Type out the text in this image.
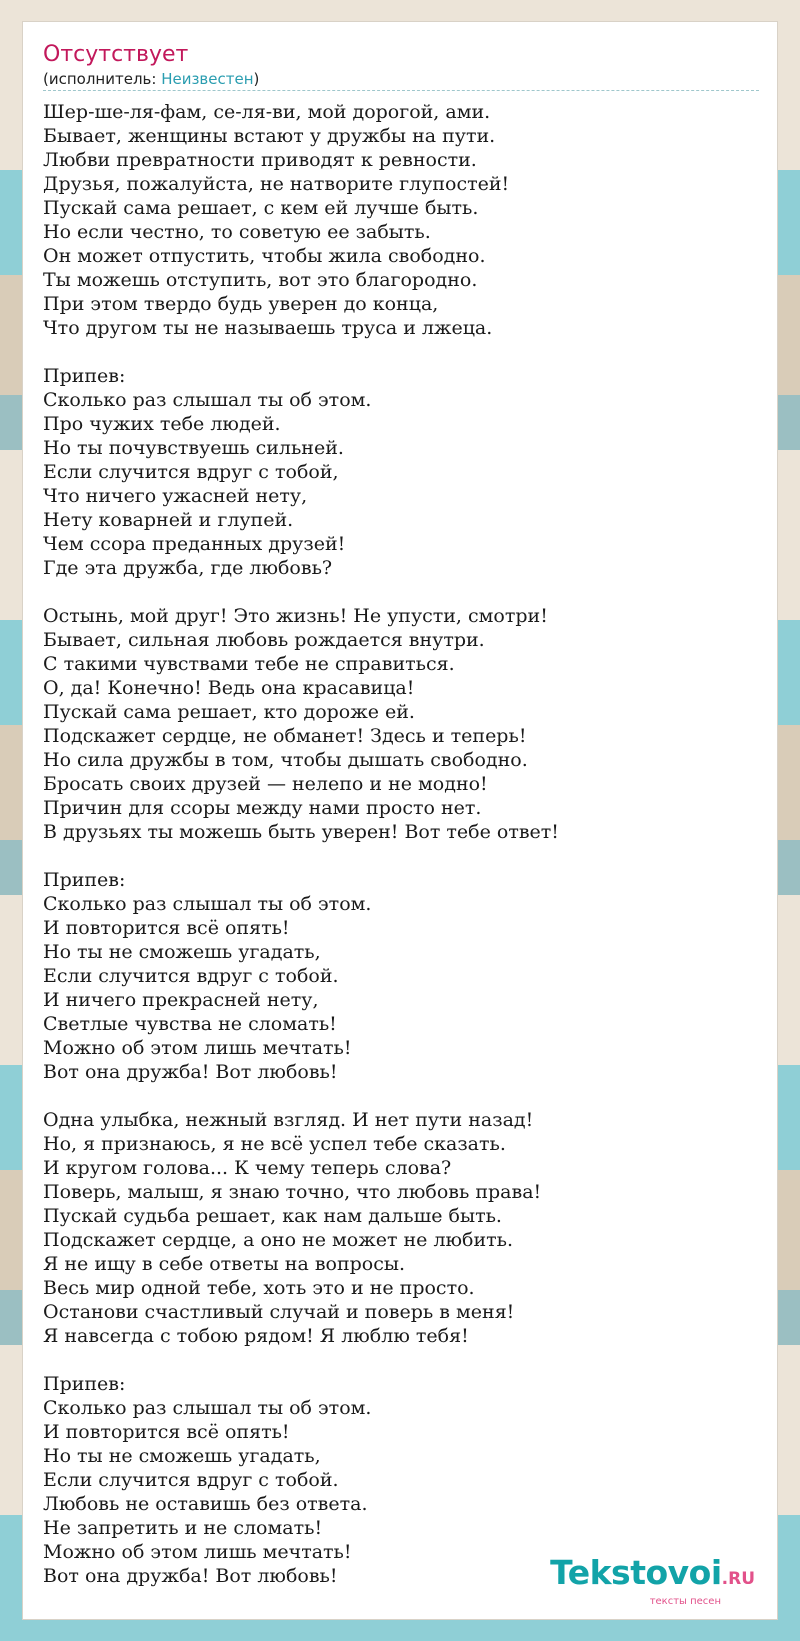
Отсутствует
(исполнитель: Неизвестен)
Шер-ше-ля-фам, се-ля-ви, мой дорогой, ами.
Бывает, женщины встают у дружбы на пути.
Любви превратности приводят к ревности.
Друзья, пожалуйста, не натворите глупостей!
Пускай сама решает, с кем ей лучше быть.
Но если честно, то советую ее забыть.
Он может отпустить, чтобы жила свободно.
Ты можешь отступить, вот это благородно.
При этом твердо будь уверен до конца,
Что другом ты не называешь труса и лжеца.
Припев:
Сколько раз слышал ты об этом.
Про чужих тебе людей.
Но ты почувствуешь сильней.
Если случится вдруг с тобой,
Что ничего ужасней нету,
Нету коварней и глупей.
Чем ссора преданных друзей!
Где эта дружба, где любовь?
Остынь, мой друг! Это жизнь! Не упусти, смотри!
Бывает, сильная любовь рождается внутри.
С такими чувствами тебе не справиться.
О, да! Конечно! Ведь она красавица!
Пускай сама решает, кто дороже ей.
Подскажет сердце, не обманет! Здесь и теперь!
Но сила дружбы в том, чтобы дышать свободно.
Бросать своих друзей — нелепо и не модно!
Причин для ссоры между нами просто нет.
В друзьях ты можешь быть уверен! Вот тебе ответ!
Припев:
Сколько раз слышал ты об этом.
И повторится всё опять!
Но ты не сможешь угадать,
Если случится вдруг с тобой.
И ничего прекрасней нету,
Светлые чувства не сломать!
Можно об этом лишь мечтать!
Вот она дружба! Вот любовь!
Одна улыбка, нежный взгляд. И нет пути назад!
Но, я признаюсь, я не всё успел тебе сказать.
И кругом голова... К чему теперь слова?
Поверь, малыш, я знаю точно, что любовь права!
Пускай судьба решает, как нам дальше быть.
Подскажет сердце, а оно не может не любить.
Я не ищу в себе ответы на вопросы.
Весь мир одной тебе, хоть это и не просто.
Останови счастливый случай и поверь в меня!
Я навсегда с тобою рядом! Я люблю тебя!
Припев:
Сколько раз слышал ты об этом.
И повторится всё опять!
Но ты не сможешь угадать,
Если случится вдруг с тобой.
Любовь не оставишь без ответа.
Не запретить и не сломать!
Можно об этом лишь мечтать!
Вот она дружба! Вот любовь!	Tekstovoi.RU
тексты песен
